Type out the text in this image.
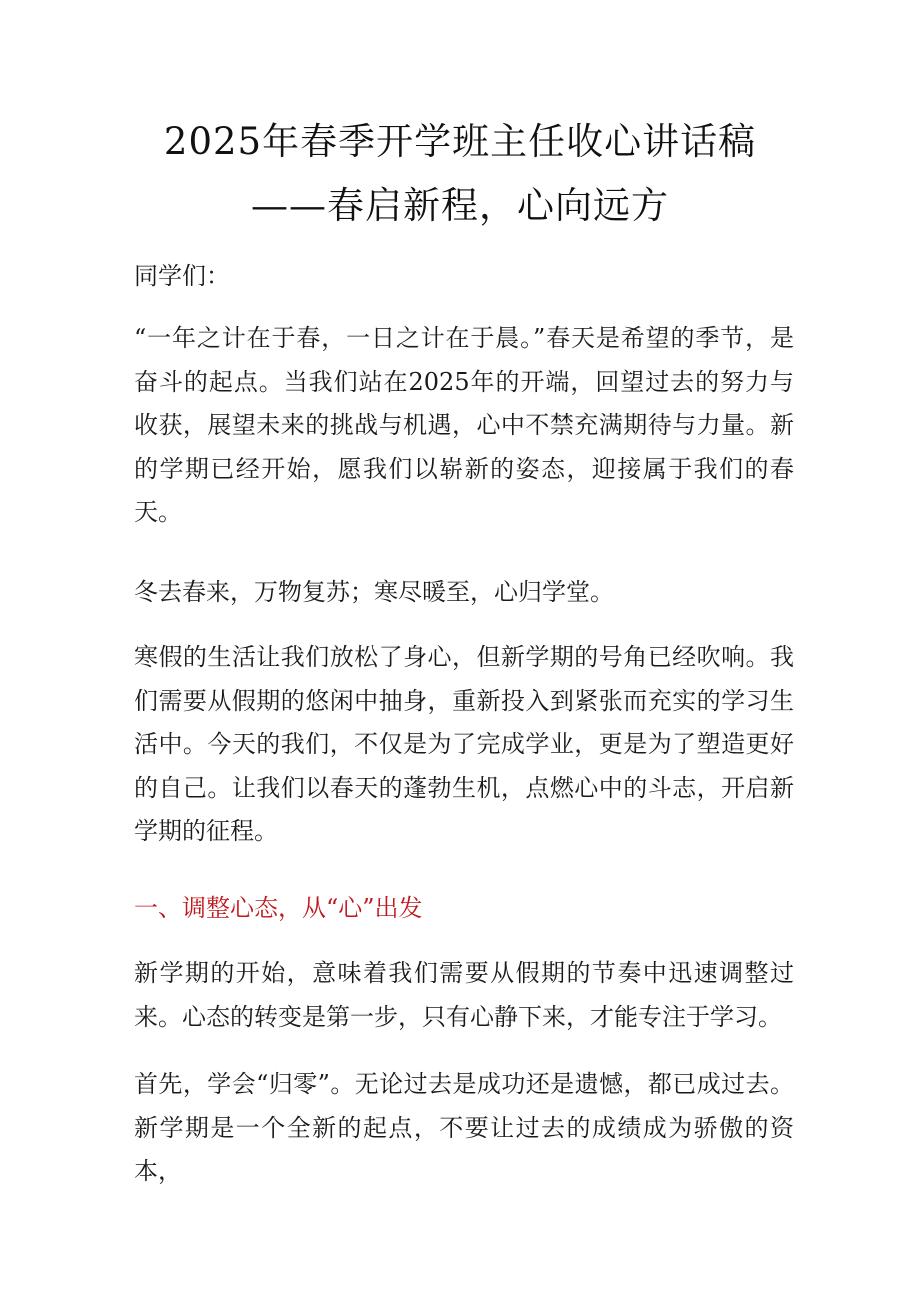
2025年春季开学班主任收心讲话稿
——春启新程，心向远方
同学们：
“一年之计在于春，一日之计在于晨。”春天是希望的季节，是奋斗的起点。当我们站在2025年的开端，回望过去的努力与收获，展望未来的挑战与机遇，心中不禁充满期待与力量。新的学期已经开始，愿我们以崭新的姿态，迎接属于我们的春天。
冬去春来，万物复苏；寒尽暖至，心归学堂。
寒假的生活让我们放松了身心，但新学期的号角已经吹响。我们需要从假期的悠闲中抽身，重新投入到紧张而充实的学习生活中。今天的我们，不仅是为了完成学业，更是为了塑造更好的自己。让我们以春天的蓬勃生机，点燃心中的斗志，开启新学期的征程。
一、调整心态，从“心”出发
新学期的开始，意味着我们需要从假期的节奏中迅速调整过来。心态的转变是第一步，只有心静下来，才能专注于学习。
首先，学会“归零”。无论过去是成功还是遗憾，都已成过去。新学期是一个全新的起点，不要让过去的成绩成为骄傲的资本，
